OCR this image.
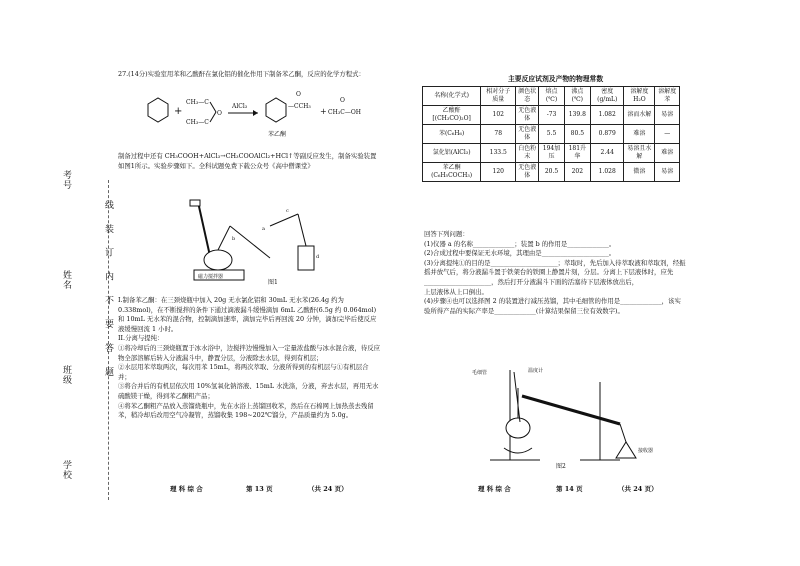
考号
姓名
班级
学校
线 装 订 内 不 要 答 题

27.(14分)实验室用苯和乙酸酐在氯化铝的催化作用下制备苯乙酮，反应的化学方程式：

+
CH₃—C
CH₃—C
O
AlCl₃	—CCH₃
O
+ CH₃C—OH
O
苯乙酮

制备过程中还有 CH₃COOH+AlCl₃→CH₃COOAlCl₂+HCl↑等副反应发生，制备实验装置如图1所示。实验步骤如下。全科试题免费下载公众号《高中僧课堂》

磁力搅拌器
a
b
c
d
图1

I.制备苯乙酮：在三颈烧瓶中加入 20g 无水氯化铝和 30mL 无水苯(26.4g 约为 0.338mol)，在不断搅拌的条件下通过滴液漏斗缓慢滴加 6mL 乙酸酐(6.5g 约 0.064mol)和 10mL 无水苯的混合物，控制滴加速率，滴加完毕后再回流 20 分钟，滴加完毕后使反应液缓慢回流 1 小时。

II.分离与提纯：

①将冷却后的三颈烧瓶置于冰水浴中，边搅拌边慢慢加入一定量浓盐酸与冰水混合液，待反应物全部溶解后转入分液漏斗中，静置分层，分液除去水层，得到有机层；

②水层用苯萃取两次，每次用苯 15mL，将两次萃取、分液所得到的有机层与①有机层合并；

③将合并后的有机层依次用 10%氢氧化钠溶液、15mL 水洗涤，分液，弃去水层，再用无水硫酸镁干燥，得到苯乙酮粗产品；

④将苯乙酮粗产品放入蒸馏烧瓶中，先在水浴上蒸馏回收苯，然后在石棉网上加热蒸去残留苯，稍冷却后改用空气冷凝管，蒸馏收集 198~202℃馏分，产品质量约为 5.0g。

理 科 综 合	第 13 页	（共 24 页）
主要反应试剂及产物的物理常数
名称(化学式)	相对分子质量	颜色状态	熔点(℃)	沸点(℃)	密度(g/mL)	溶解度 H₂O	溶解度 苯
乙酸酐[(CH₃CO)₂O]	102	无色液体	-73	139.8	1.082	溶而水解	易溶
苯(C₆H₆)	78	无色液体	5.5	80.5	0.879	难溶	—
氯化铝(AlCl₃)	133.5	白色粉末	194加压	181升华	2.44	易溶且水解	难溶
苯乙酮(C₆H₅COCH₃)	120	无色液体	20.5	202	1.028	微溶	易溶

回答下列问题：

(1)仪器 a 的名称_____________；装置 b 的作用是_____________。

(2)合成过程中要保证无水环境，其理由是_____________________。

(3)分离提纯①的目的是_____________________；萃取时，先后加入待萃取液和萃取剂，经振摇并放气后，将分液漏斗置于铁架台的铁圈上静置片刻，分层。分离上下层液体时，应先_____________________，然后打开分液漏斗下面的活塞待下层液体放出后，

上层液体从上口倒出。

(4)步骤④也可以选择图 2 的装置进行减压蒸馏，其中毛细管的作用是_____________，该实验所得产品的实际产率是_____________(计算结果保留三位有效数字)。

毛细管	温度计
接收器
图2
理 科 综 合	第 14 页	（共 24 页）
